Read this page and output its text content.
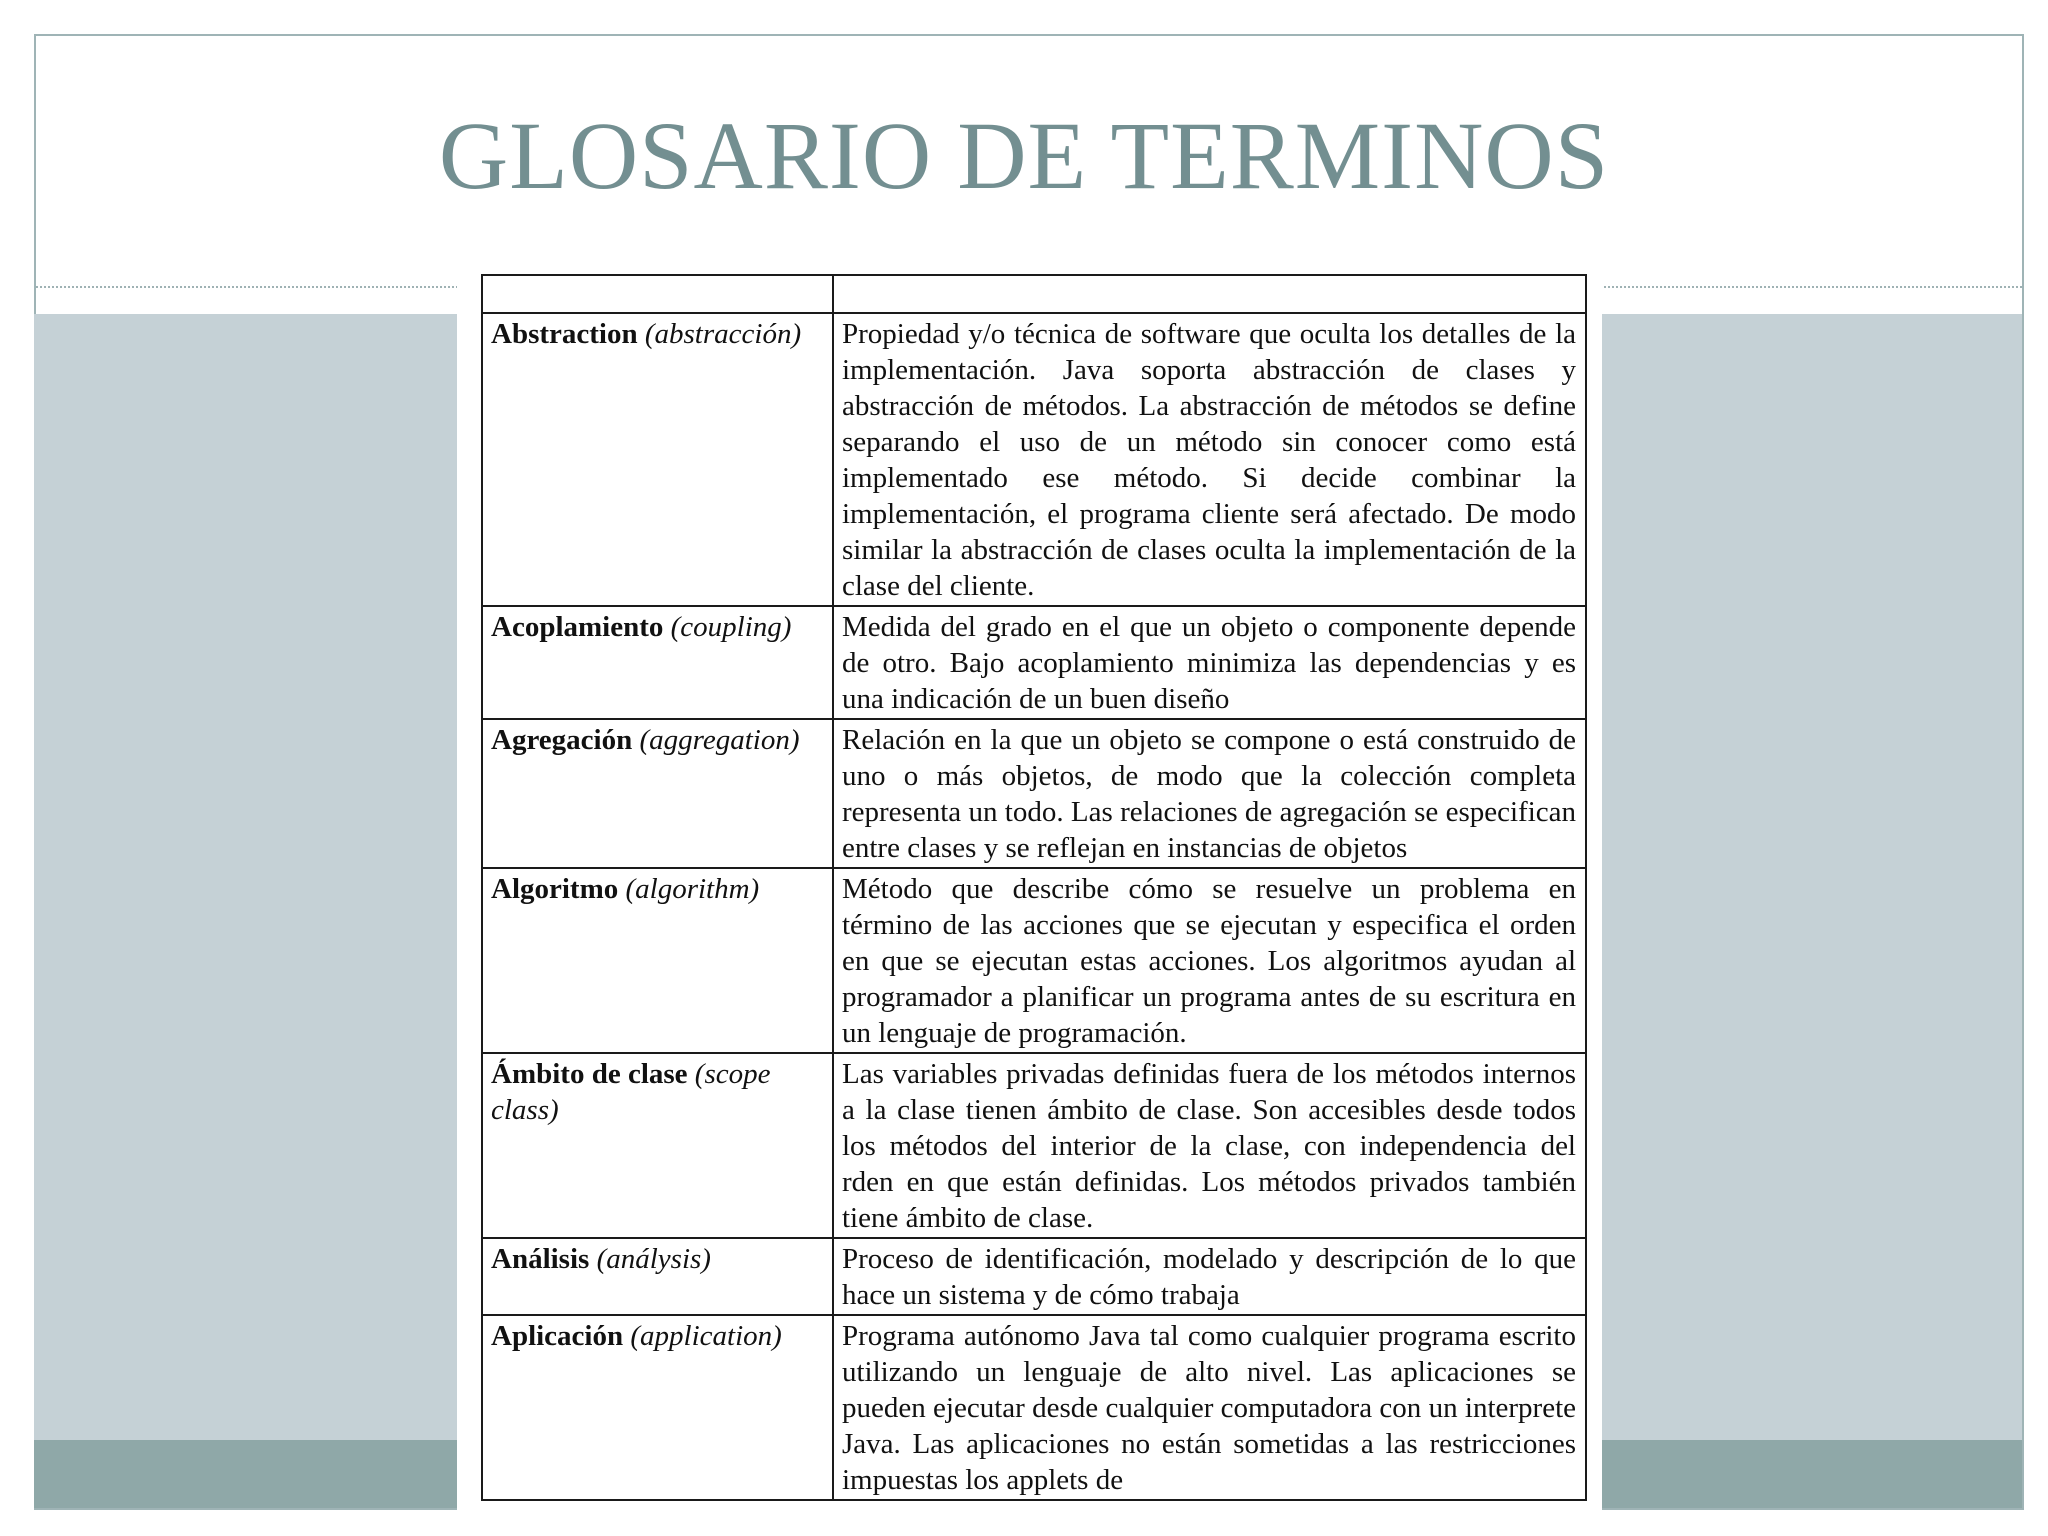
GLOSARIO DE TERMINOS

Abstraction (abstracción)	Propiedad y/o técnica de software que oculta los detalles de la implementación. Java soporta abstracción de clases y abstracción de métodos. La abstracción de métodos se define separando el uso de un método sin conocer como está implementado ese método. Si decide combinar la implementación, el programa cliente será afectado. De modo similar la abstracción de clases oculta la implementación de la clase del cliente.
Acoplamiento (coupling)	Medida del grado en el que un objeto o componente depende de otro. Bajo acoplamiento minimiza las dependencias y es una indicación de un buen diseño
Agregación (aggregation)	Relación en la que un objeto se compone o está construido de uno o más objetos, de modo que la colección completa representa un todo. Las relaciones de agregación se especifican entre clases y se reflejan en instancias de objetos
Algoritmo (algorithm)	Método que describe cómo se resuelve un problema en término de las acciones que se ejecutan y especifica el orden en que se ejecutan estas acciones. Los algoritmos ayudan al programador a planificar un programa antes de su escritura en un lenguaje de programación.
Ámbito de clase (scope class)	Las variables privadas definidas fuera de los métodos internos a la clase tienen ámbito de clase. Son accesibles desde todos los métodos del interior de la clase, con independencia del rden en que están definidas. Los métodos privados también tiene ámbito de clase.
Análisis (análysis)	Proceso de identificación, modelado y descripción de lo que hace un sistema y de cómo trabaja
Aplicación (application)	Programa autónomo Java tal como cualquier programa escrito utilizando un lenguaje de alto nivel. Las aplicaciones se pueden ejecutar desde cualquier computadora con un interprete Java. Las aplicaciones no están sometidas a las restricciones impuestas los applets de
